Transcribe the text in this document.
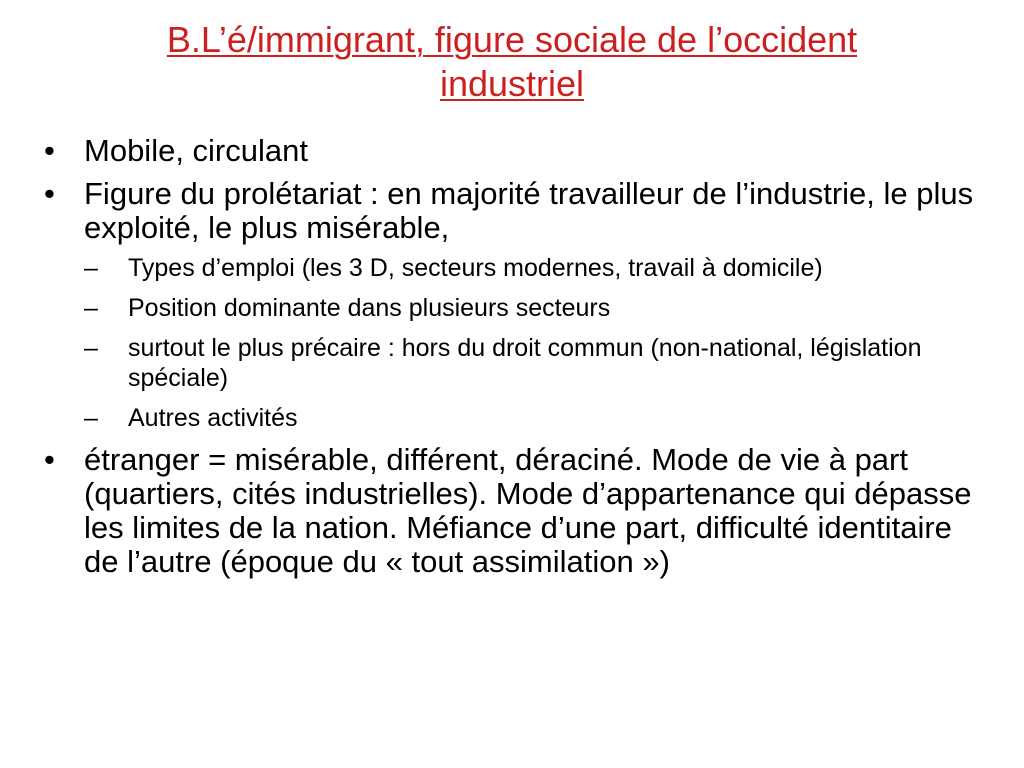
B.L’é/immigrant, figure sociale de l’occident
industriel
• Mobile, circulant
• Figure du prolétariat : en majorité travailleur de l’industrie, le plus exploité, le plus misérable,
–	Types d’emploi (les 3 D, secteurs modernes, travail à domicile)
–	Position dominante dans plusieurs secteurs
–	surtout le plus précaire : hors du droit commun (non-national, législation spéciale)
–	Autres activités
• étranger = misérable, différent, déraciné. Mode de vie à part (quartiers, cités industrielles). Mode d’appartenance qui dépasse les limites de la nation. Méfiance d’une part, difficulté identitaire de l’autre (époque du « tout assimilation »)
